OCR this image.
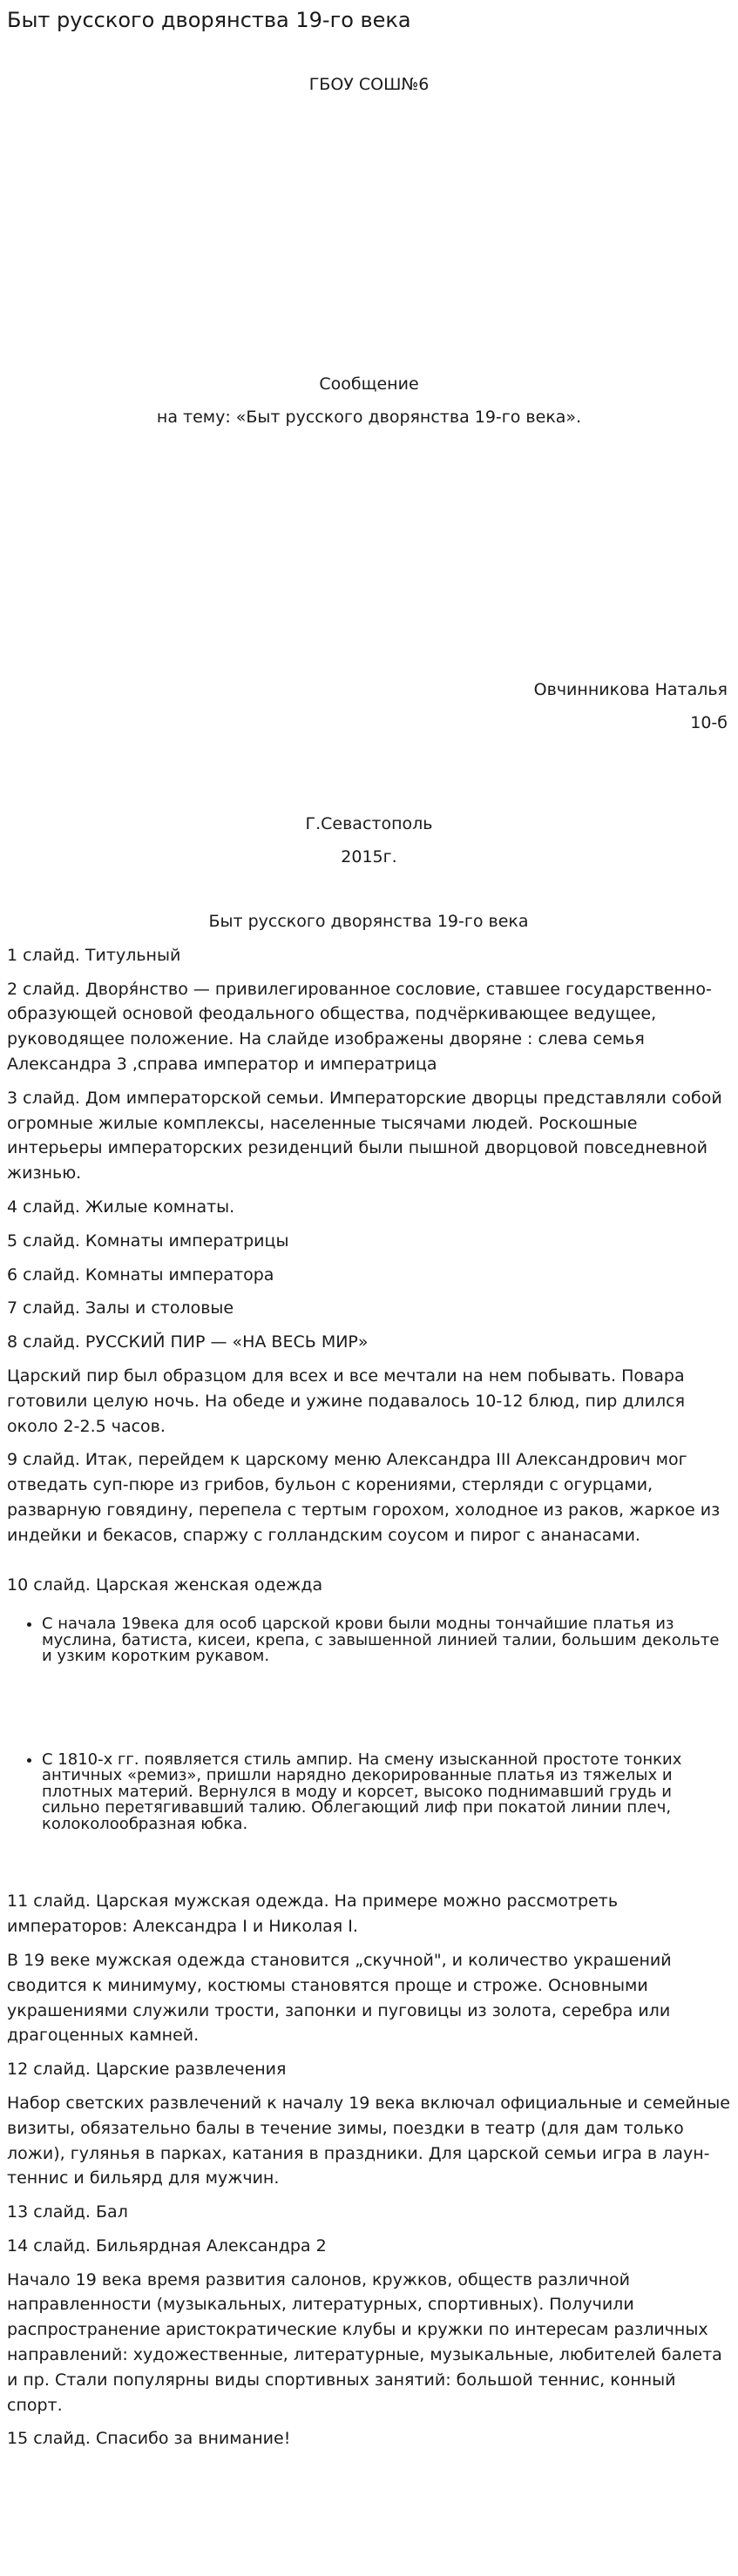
Быт русского дворянства 19-го века

ГБОУ СОШ№6

Сообщение

на тему: «Быт русского дворянства 19-го века».

Овчинникова Наталья

10-б

Г.Севастополь

2015г.

Быт русского дворянства 19-го века

1 слайд. Титульный

2 слайд. Дворя́нство — привилегированное сословие, ставшее государственно-образующей основой феодального общества, подчёркивающее ведущее, руководящее положение. На слайде изображены дворяне : слева семья Александра 3 ,справа император и императрица

3 слайд. Дом императорской семьи. Императорские дворцы представляли собой огромные жилые комплексы, населенные тысячами людей. Роскошные интерьеры императорских резиденций были пышной дворцовой повседневной жизнью.

4 слайд. Жилые комнаты.

5 слайд. Комнаты императрицы

6 слайд. Комнаты императора

7 слайд. Залы и столовые

8 слайд. РУССКИЙ ПИР — «НА ВЕСЬ МИР»

Царский пир был образцом для всех и все мечтали на нем побывать. Повара готовили целую ночь. На обеде и ужине подавалось 10-12 блюд, пир длился около 2-2.5 часов.

9 слайд. Итак, перейдем к царскому меню Александра III Александрович мог отведать суп-пюре из грибов, бульон с корениями, стерляди с огурцами, разварную говядину, перепела с тертым горохом, холодное из раков, жаркое из индейки и бекасов, спаржу с голландским соусом и пирог с ананасами.

10 слайд. Царская женская одежда

• С начала 19века для особ царской крови были модны тончайшие платья из муслина, батиста, кисеи, крепа, с завышенной линией талии, большим декольте и узким коротким рукавом.
• С 1810-х гг. появляется стиль ампир. На смену изысканной простоте тонких античных «ремиз», пришли нарядно декорированные платья из тяжелых и плотных материй. Вернулся в моду и корсет, высоко поднимавший грудь и сильно перетягивавший талию. Облегающий лиф при покатой линии плеч, колоколообразная юбка.

11 слайд. Царская мужская одежда. На примере можно рассмотреть императоров: Александра I и Николая I.

В 19 веке мужская одежда становится „скучной", и количество украшений сводится к минимуму, костюмы становятся проще и строже. Основными украшениями служили трости, запонки и пуговицы из золота, серебра или драгоценных камней.

12 слайд. Царские развлечения

Набор светских развлечений к началу 19 века включал официальные и семейные визиты, обязательно балы в течение зимы, поездки в театр (для дам только ложи), гулянья в парках, катания в праздники. Для царской семьи игра в лаун-теннис и бильярд для мужчин.

13 слайд. Бал

14 слайд. Бильярдная Александра 2

Начало 19 века время развития салонов, кружков, обществ различной направленности (музыкальных, литературных, спортивных). Получили распространение аристократические клубы и кружки по интересам различных направлений: художественные, литературные, музыкальные, любителей балета и пр. Стали популярны виды спортивных занятий: большой теннис, конный спорт.

15 слайд. Спасибо за внимание!
